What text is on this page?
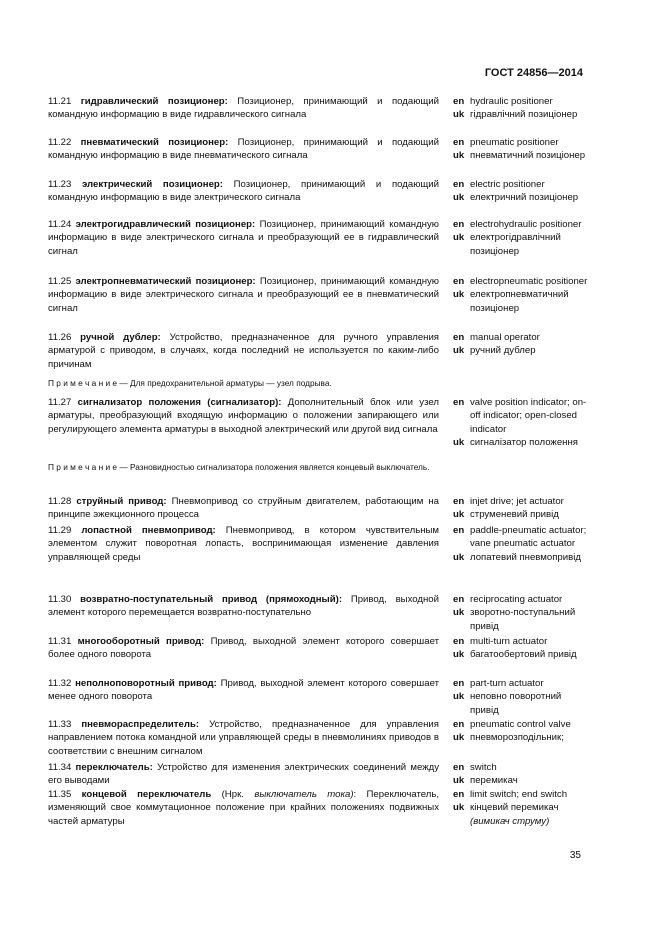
ГОСТ 24856—2014
11.21 гидравлический позиционер: Позиционер, принимающий и подающий командную информацию в виде гидравлического сигнала
en hydraulic positioner
uk гідравлічний позиціонер
11.22 пневматический позиционер: Позиционер, принимающий и подающий командную информацию в виде пневматического сигнала
en pneumatic positioner
uk пневматичний позиціонер
11.23 электрический позиционер: Позиционер, принимающий и подающий командную информацию в виде электрического сигнала
en electric positioner
uk електричний позиціонер
11.24 электрогидравлический позиционер: Позиционер, принимающий командную информацию в виде электрического сигнала и преобразующий ее в гидравлический сигнал
en electrohydraulic positioner
uk електрогідравлічний позиціонер
11.25 электропневматический позиционер: Позиционер, принимающий командную информацию в виде электрического сигнала и преобразующий ее в пневматический сигнал
en electropneumatic positioner
uk електропневматичний позиціонер
11.26 ручной дублер: Устройство, предназначенное для ручного управления арматурой с приводом, в случаях, когда последний не используется по каким-либо причинам
en manual operator
uk ручний дублер
П р и м е ч а н и е — Для предохранительной арматуры — узел подрыва.
11.27 сигнализатор положения (сигнализатор): Дополнительный блок или узел арматуры, преобразующий входящую информацию о положении запирающего или регулирующего элемента арматуры в выходной электрический или другой вид сигнала
en valve position indicator; on-off indicator; open-closed indicator
uk сигналізатор положення
П р и м е ч а н и е — Разновидностью сигнализатора положения является концевый выключатель.
11.28 струйный привод: Пневмопривод со струйным двигателем, работающим на принципе эжекционного процесса
en injet drive; jet actuator
uk струменевий привід
11.29 лопастной пневмопривод: Пневмопривод, в котором чувствительным элементом служит поворотная лопасть, воспринимающая изменение давления управляющей среды
en paddle-pneumatic actuator; vane pneumatic actuator
uk лопатевий пневмопривід
11.30 возвратно-поступательный привод (прямоходный): Привод, выходной элемент которого перемещается возвратно-поступательно
en reciprocating actuator
uk зворотно-поступальний привід
11.31 многооборотный привод: Привод, выходной элемент которого совершает более одного поворота
en multi-turn actuator
uk багатообертовий привід
11.32 неполноповоротный привод: Привод, выходной элемент которого совершает менее одного поворота
en part-turn actuator
uk неповно поворотний привід
11.33 пневмораспределитель: Устройство, предназначенное для управления направлением потока командной или управляющей среды в пневмолиниях приводов в соответствии с внешним сигналом
en pneumatic control valve
uk пневморозподільник;
11.34 переключатель: Устройство для изменения электрических соединений между его выводами
en switch
uk перемикач
11.35 концевой переключатель (Нрк. выключатель тока): Переключатель, изменяющий свое коммутационное положение при крайних положениях подвижных частей арматуры
en limit switch; end switch
uk кінцевий перемикач
(вимикач струму)
35
